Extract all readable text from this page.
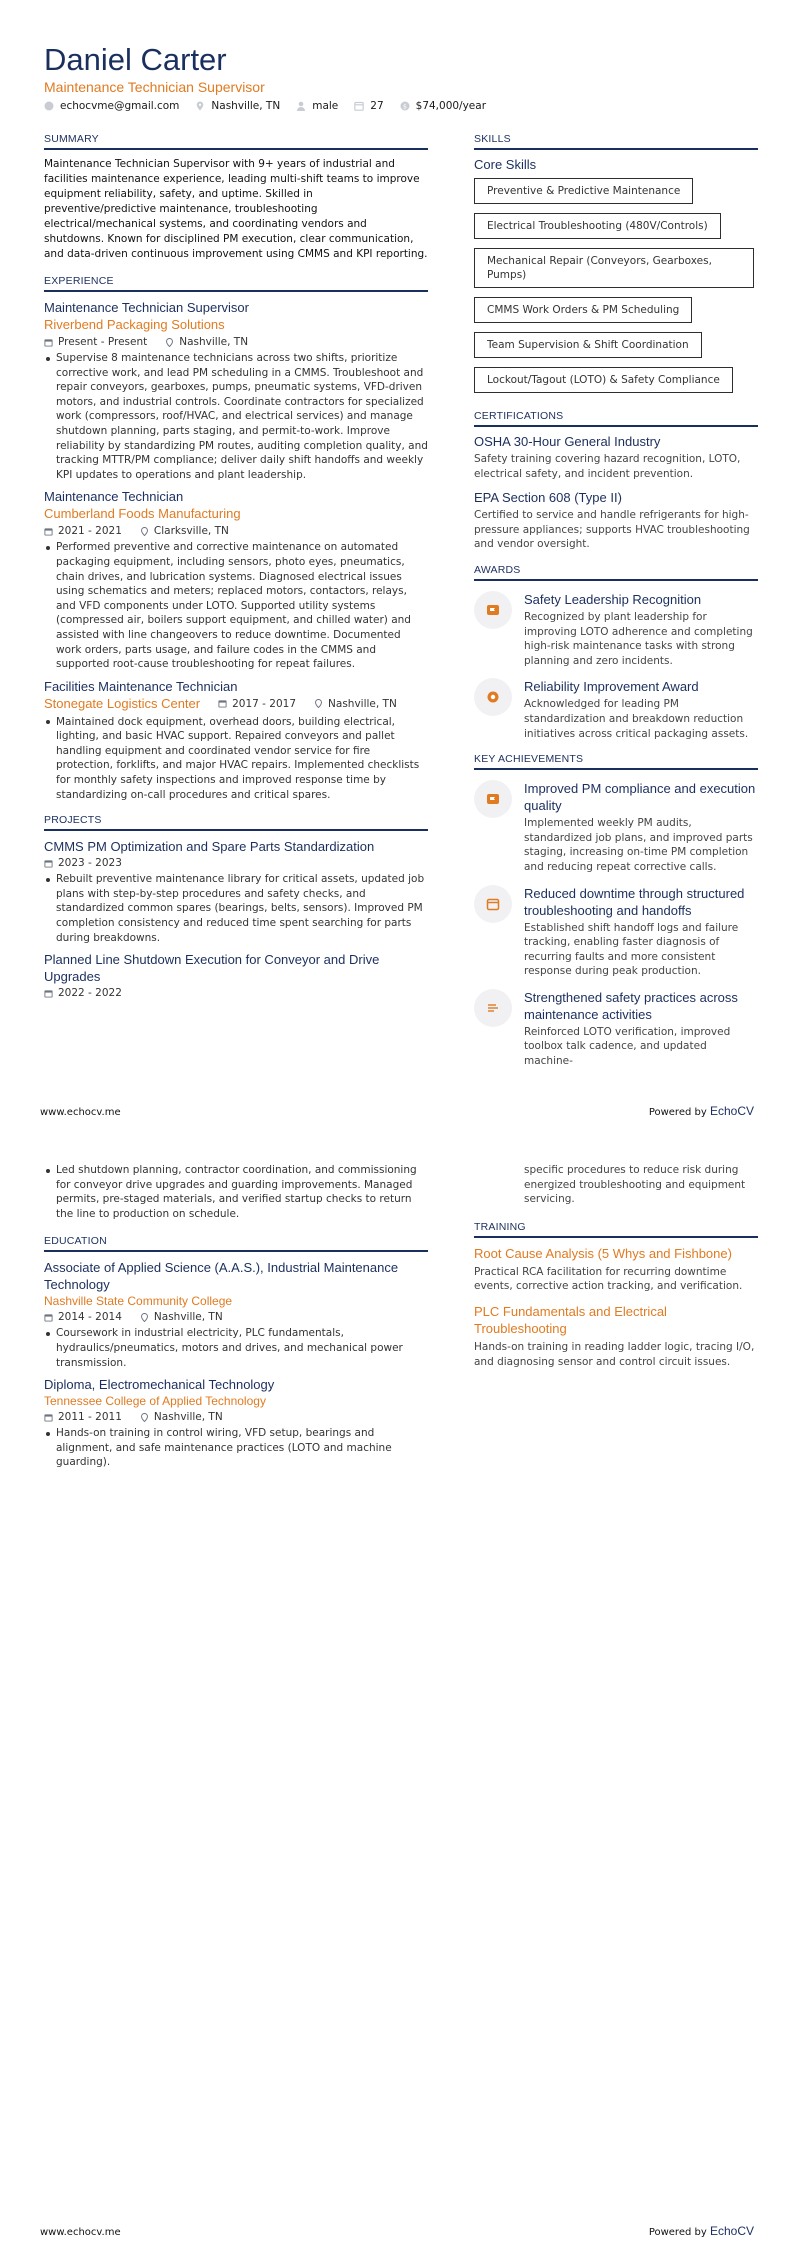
Daniel Carter
Maintenance Technician Supervisor
echocvme@gmail.com	Nashville, TN	male	27	$ $74,000/year
SUMMARY

Maintenance Technician Supervisor with 9+ years of industrial and facilities maintenance experience, leading multi-shift teams to improve equipment reliability, safety, and uptime. Skilled in preventive/predictive maintenance, troubleshooting electrical/mechanical systems, and coordinating vendors and shutdowns. Known for disciplined PM execution, clear communication, and data-driven continuous improvement using CMMS and KPI reporting.

EXPERIENCE
Maintenance Technician Supervisor
Riverbend Packaging Solutions
Present - Present	Nashville, TN
Supervise 8 maintenance technicians across two shifts, prioritize corrective work, and lead PM scheduling in a CMMS. Troubleshoot and repair conveyors, gearboxes, pumps, pneumatic systems, VFD-driven motors, and industrial controls. Coordinate contractors for specialized work (compressors, roof/HVAC, and electrical services) and manage shutdown planning, parts staging, and permit-to-work. Improve reliability by standardizing PM routes, auditing completion quality, and tracking MTTR/PM compliance; deliver daily shift handoffs and weekly KPI updates to operations and plant leadership.
Maintenance Technician
Cumberland Foods Manufacturing
2021 - 2021	Clarksville, TN
Performed preventive and corrective maintenance on automated packaging equipment, including sensors, photo eyes, pneumatics, chain drives, and lubrication systems. Diagnosed electrical issues using schematics and meters; replaced motors, contactors, relays, and VFD components under LOTO. Supported utility systems (compressed air, boilers support equipment, and chilled water) and assisted with line changeovers to reduce downtime. Documented work orders, parts usage, and failure codes in the CMMS and supported root-cause troubleshooting for repeat failures.
Facilities Maintenance Technician
Stonegate Logistics Center	2017 - 2017	Nashville, TN
Maintained dock equipment, overhead doors, building electrical, lighting, and basic HVAC support. Repaired conveyors and pallet handling equipment and coordinated vendor service for fire protection, forklifts, and major HVAC repairs. Implemented checklists for monthly safety inspections and improved response time by standardizing on-call procedures and critical spares.
PROJECTS
CMMS PM Optimization and Spare Parts Standardization
2023 - 2023
Rebuilt preventive maintenance library for critical assets, updated job plans with step-by-step procedures and safety checks, and standardized common spares (bearings, belts, sensors). Improved PM completion consistency and reduced time spent searching for parts during breakdowns.
Planned Line Shutdown Execution for Conveyor and Drive Upgrades
2022 - 2022
SKILLS
Core Skills
Preventive & Predictive Maintenance
Electrical Troubleshooting (480V/Controls)
Mechanical Repair (Conveyors, Gearboxes, Pumps)
CMMS Work Orders & PM Scheduling
Team Supervision & Shift Coordination
Lockout/Tagout (LOTO) & Safety Compliance
CERTIFICATIONS
OSHA 30-Hour General Industry
Safety training covering hazard recognition, LOTO, electrical safety, and incident prevention.
EPA Section 608 (Type II)
Certified to service and handle refrigerants for high-pressure appliances; supports HVAC troubleshooting and vendor oversight.
AWARDS
Safety Leadership Recognition
Recognized by plant leadership for improving LOTO adherence and completing high-risk maintenance tasks with strong planning and zero incidents.
Reliability Improvement Award
Acknowledged for leading PM standardization and breakdown reduction initiatives across critical packaging assets.
KEY ACHIEVEMENTS
Improved PM compliance and execution quality
Implemented weekly PM audits, standardized job plans, and improved parts staging, increasing on-time PM completion and reducing repeat corrective calls.
Reduced downtime through structured troubleshooting and handoffs
Established shift handoff logs and failure tracking, enabling faster diagnosis of recurring faults and more consistent response during peak production.
Strengthened safety practices across maintenance activities
Reinforced LOTO verification, improved toolbox talk cadence, and updated machine-
www.echocv.me	Powered by EchoCV
Led shutdown planning, contractor coordination, and commissioning for conveyor drive upgrades and guarding improvements. Managed permits, pre-staged materials, and verified startup checks to return the line to production on schedule.
EDUCATION
Associate of Applied Science (A.A.S.), Industrial Maintenance Technology
Nashville State Community College
2014 - 2014	Nashville, TN
Coursework in industrial electricity, PLC fundamentals, hydraulics/pneumatics, motors and drives, and mechanical power transmission.
Diploma, Electromechanical Technology
Tennessee College of Applied Technology
2011 - 2011	Nashville, TN
Hands-on training in control wiring, VFD setup, bearings and alignment, and safe maintenance practices (LOTO and machine guarding).
specific procedures to reduce risk during energized troubleshooting and equipment servicing.
TRAINING
Root Cause Analysis (5 Whys and Fishbone)
Practical RCA facilitation for recurring downtime events, corrective action tracking, and verification.
PLC Fundamentals and Electrical Troubleshooting
Hands-on training in reading ladder logic, tracing I/O, and diagnosing sensor and control circuit issues.
www.echocv.me	Powered by EchoCV
